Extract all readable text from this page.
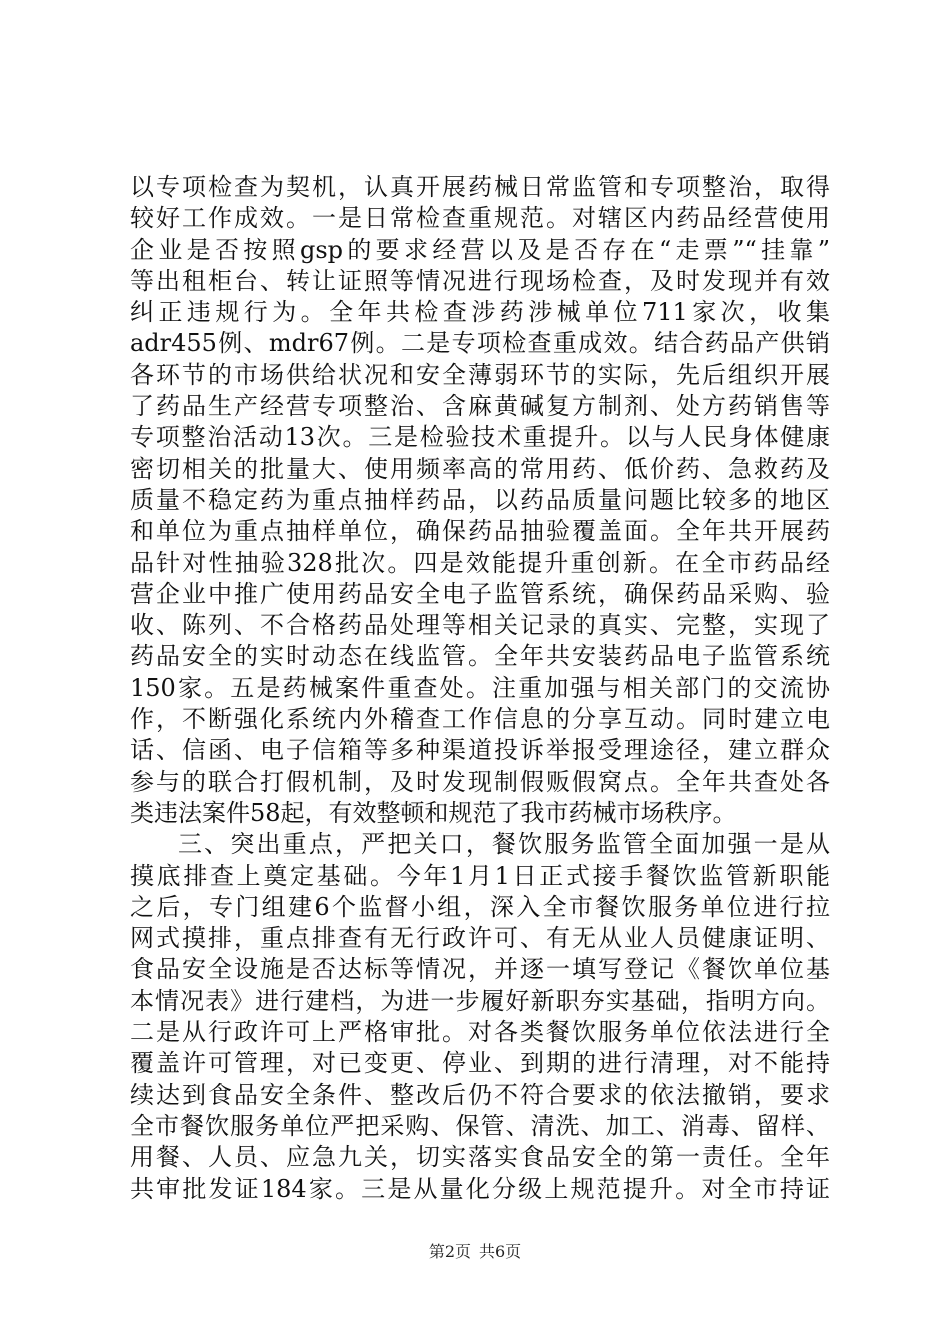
以专项检查为契机，认真开展药械日常监管和专项整治，取得
较好工作成效。一是日常检查重规范。对辖区内药品经营使用
企业是否按照gsp的要求经营以及是否存在“走票”“挂靠”
等出租柜台、转让证照等情况进行现场检查，及时发现并有效
纠正违规行为。全年共检查涉药涉械单位711家次，收集
adr455例、mdr67例。二是专项检查重成效。结合药品产供销
各环节的市场供给状况和安全薄弱环节的实际，先后组织开展
了药品生产经营专项整治、含麻黄碱复方制剂、处方药销售等
专项整治活动13次。三是检验技术重提升。以与人民身体健康
密切相关的批量大、使用频率高的常用药、低价药、急救药及
质量不稳定药为重点抽样药品，以药品质量问题比较多的地区
和单位为重点抽样单位，确保药品抽验覆盖面。全年共开展药
品针对性抽验328批次。四是效能提升重创新。在全市药品经
营企业中推广使用药品安全电子监管系统，确保药品采购、验
收、陈列、不合格药品处理等相关记录的真实、完整，实现了
药品安全的实时动态在线监管。全年共安装药品电子监管系统
150家。五是药械案件重查处。注重加强与相关部门的交流协
作，不断强化系统内外稽查工作信息的分享互动。同时建立电
话、信函、电子信箱等多种渠道投诉举报受理途径，建立群众
参与的联合打假机制，及时发现制假贩假窝点。全年共查处各
类违法案件58起，有效整顿和规范了我市药械市场秩序。
三、突出重点，严把关口，餐饮服务监管全面加强一是从
摸底排查上奠定基础。今年1月1日正式接手餐饮监管新职能
之后，专门组建6个监督小组，深入全市餐饮服务单位进行拉
网式摸排，重点排查有无行政许可、有无从业人员健康证明、
食品安全设施是否达标等情况，并逐一填写登记《餐饮单位基
本情况表》进行建档，为进一步履好新职夯实基础，指明方向。
二是从行政许可上严格审批。对各类餐饮服务单位依法进行全
覆盖许可管理，对已变更、停业、到期的进行清理，对不能持
续达到食品安全条件、整改后仍不符合要求的依法撤销，要求
全市餐饮服务单位严把采购、保管、清洗、加工、消毒、留样、
用餐、人员、应急九关，切实落实食品安全的第一责任。全年
共审批发证184家。三是从量化分级上规范提升。对全市持证
第2页 共6页
